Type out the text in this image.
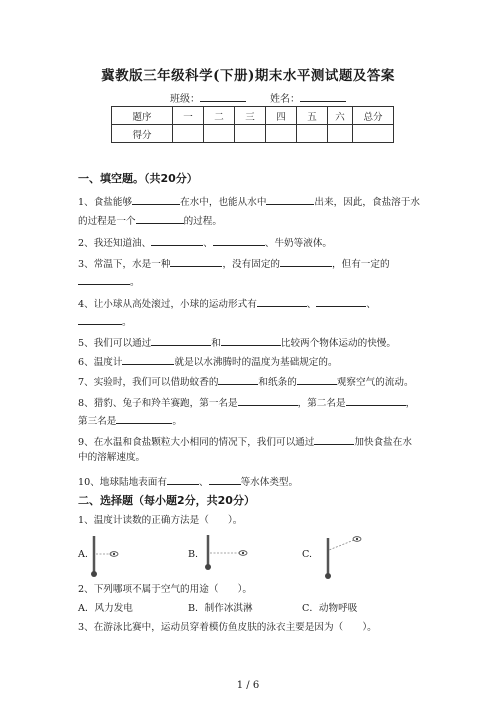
冀教版三年级科学(下册)期末水平测试题及答案
班级：	姓名：
题序	一	二	三	四	五	六	总分
得分							
一、填空题。（共20分）
1、食盐能够	在水中，也能从水中	出来，因此，食盐溶于水
的过程是一个	的过程。
2、我还知道油、	、	、牛奶等液体。
3、常温下，水是一种	，没有固定的	，但有一定的
。
4、让小球从高处滚过，小球的运动形式有	、	、
。
5、我们可以通过	和	比较两个物体运动的快慢。
6、温度计	就是以水沸腾时的温度为基础规定的。
7、实验时，我们可以借助蚊香的	和纸条的	观察空气的流动。
8、猎豹、兔子和羚羊赛跑，第一名是	，第二名是	，
第三名是	。
9、在水温和食盐颗粒大小相同的情况下，我们可以通过	加快食盐在水
中的溶解速度。
10、地球陆地表面有	、	等水体类型。
二、选择题（每小题2分，共20分）
1、温度计读数的正确方法是（　　）。
A.	B.	C.
2、下列哪项不属于空气的用途（　　）。
A．风力发电	B．制作冰淇淋	C．动物呼吸
3、在游泳比赛中，运动员穿着模仿鱼皮肤的泳衣主要是因为（　　）。
1 / 6
